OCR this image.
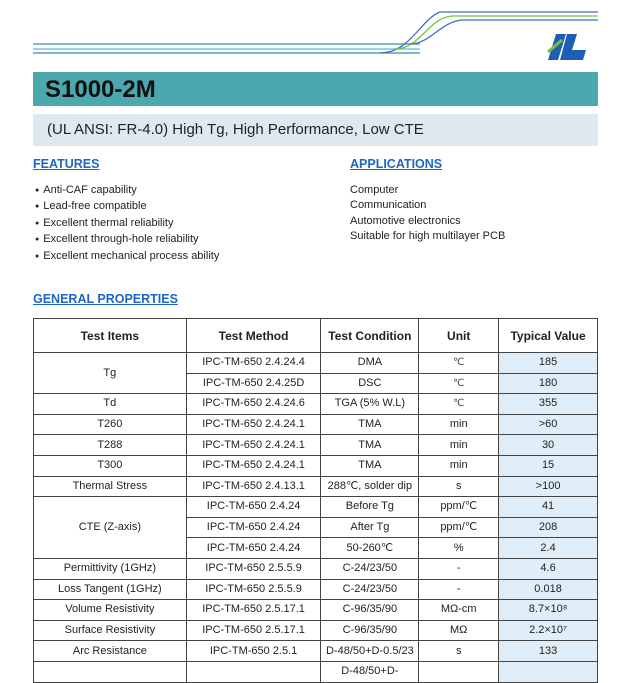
SYL
S1000-2M
(UL ANSI: FR-4.0) High Tg, High Performance, Low CTE
FEATURES	APPLICATIONS
● Anti-CAF capability
● Lead-free compatible
● Excellent thermal reliability
● Excellent through-hole reliability
● Excellent mechanical process ability
Computer
Communication
Automotive electronics
Suitable for high multilayer PCB
GENERAL PROPERTIES
Test Items	Test Method	Test Condition	Unit	Typical Value
Tg	IPC-TM-650 2.4.24.4	DMA	℃	185
	IPC-TM-650 2.4.25D	DSC	℃	180
Td	IPC-TM-650 2.4.24.6	TGA (5% W.L)	℃	355
T260	IPC-TM-650 2.4.24.1	TMA	min	>60
T288	IPC-TM-650 2.4.24.1	TMA	min	30
T300	IPC-TM-650 2.4.24.1	TMA	min	15
Thermal Stress	IPC-TM-650 2.4.13.1	288℃, solder dip	s	>100
CTE (Z-axis)	IPC-TM-650 2.4.24	Before Tg	ppm/℃	41
	IPC-TM-650 2.4.24	After Tg	ppm/℃	208
	IPC-TM-650 2.4.24	50-260℃	%	2.4
Permittivity (1GHz)	IPC-TM-650 2.5.5.9	C-24/23/50	-	4.6
Loss Tangent (1GHz)	IPC-TM-650 2.5.5.9	C-24/23/50	-	0.018
Volume Resistivity	IPC-TM-650 2.5.17.1	C-96/35/90	MΩ-cm	8.7×10⁸
Surface Resistivity	IPC-TM-650 2.5.17.1	C-96/35/90	MΩ	2.2×10⁷
Arc Resistance	IPC-TM-650 2.5.1	D-48/50+D-0.5/23	s	133
		D-48/50+D-		
